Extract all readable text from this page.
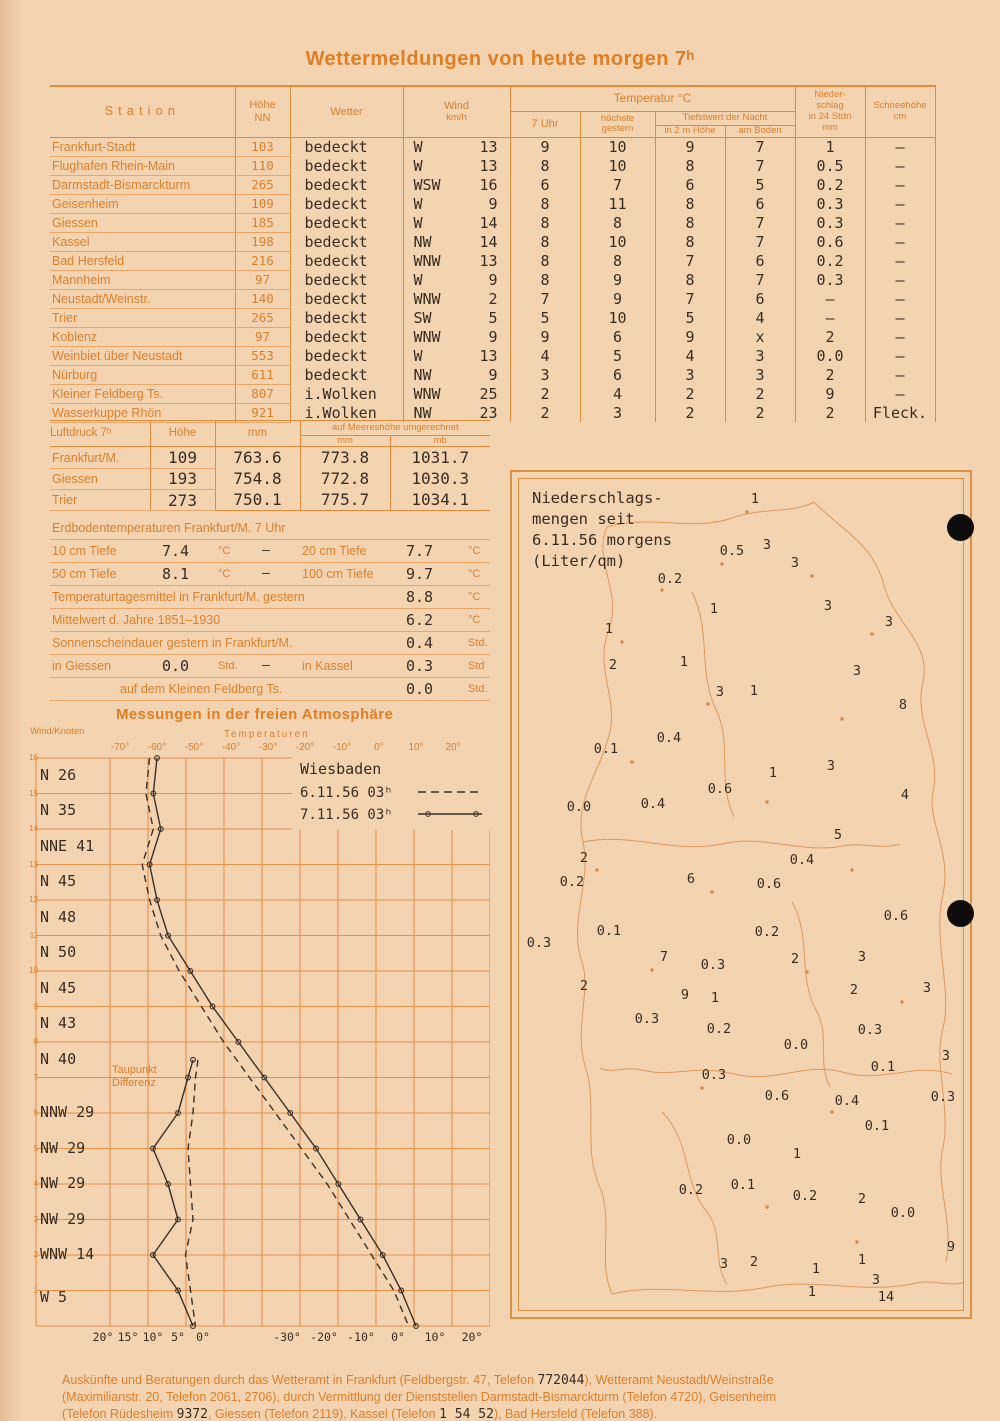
Wettermeldungen von heute morgen 7ʰ
Station	Höhe
NN
	Wetter	Wind
km/h
	Temperatur °C	Nieder-
schlag
in 24 Stdn
mm

Schneehöhe
cm

				7 Uhr	höchste
gestern	Tiefstwert der Nacht			
						in 2 m Höhe	am Boden		
Frankfurt-Stadt	103	bedeckt	W 13	9	10	9	7	1	–
Flughafen Rhein-Main	110	bedeckt	W 13	8	10	8	7	0.5	–
Darmstadt-Bismarckturm	265	bedeckt	WSW 16	6	7	6	5	0.2	–
Geisenheim	109	bedeckt	W 9	8	11	8	6	0.3	–
Giessen	185	bedeckt	W 14	8	8	8	7	0.3	–
Kassel	198	bedeckt	NW 14	8	10	8	7	0.6	–
Bad Hersfeld	216	bedeckt	WNW 13	8	8	7	6	0.2	–
Mannheim	97	bedeckt	W 9	8	9	8	7	0.3	–
Neustadt/Weinstr.	140	bedeckt	WNW 2	7	9	7	6	–	–
Trier	265	bedeckt	SW 5	5	10	5	4	–	–
Koblenz	97	bedeckt	WNW 9	9	6	9	x	2	–
Weinbiet über Neustadt	553	bedeckt	W 13	4	5	4	3	0.0	–
Nürburg	611	bedeckt	NW 9	3	6	3	3	2	–
Kleiner Feldberg Ts.	807	i.Wolken	WNW 25	2	4	2	2	9	–
Wasserkuppe Rhön	921	i.Wolken	NW 23	2	3	2	2	2	Fleck.
Luftdruck 7ʰ	Höhe	mm	auf Meereshöhe umgerechnet	
			mm	mb
Frankfurt/M.	109	763.6	773.8	1031.7
Giessen	193	754.8	772.8	1030.3
Trier	273	750.1	775.7	1034.1
Erdbodentemperaturen Frankfurt/M. 7 Uhr
10 cm Tiefe	7.4	°C –	20 cm Tiefe	7.7	°C
50 cm Tiefe	8.1	°C –	100 cm Tiefe 9.7	°C
Temperaturtagesmittel in Frankfurt/M. gestern	8.8	°C
Mittelwert d. Jahre 1851–1930	6.2	°C
Sonnenscheindauer gestern in Frankfurt/M.	0.4	Std.
in Giessen	0.0	Std. –	in Kassel	0.3	Std
auf dem Kleinen Feldberg Ts.	0.0	Std.
Messungen in der freien Atmosphäre
Wind/Knoten	Temperaturen
-70° -60° -50° -40° -30° -20° -10° 0° 10° 20°
20° 15° 10° 5° 0°	-30° -20° -10° 0° 10° 20°
16
15
14
13
12
11
10
9
8
7
6
5
4
3
2
1
N 26
N 35
NNE 41
N 45
N 48
N 50
N 45
N 43
N 40
NNW 29
NW 29
NW 29
NW 29
WNW 14
W 5
Wiesbaden
6.11.56 03ʰ
7.11.56 03ʰ
Taupunkt
Differenz
Niederschlags-
mengen seit
6.11.56 morgens
(Liter/qm)
1
0.5 3
0.2
3
1	3
1	3
2	1
3
3 1
8
0.4
0.1
1	3
0.6	4
0.0	0.4
5
2	0.4
0.2	6	0.6
0.6
0.3
0.1	0.2
7 0.3	2	3
2
9 1	2	3
0.3
0.2	0.3
0.0
3
0.3	0.1
0.6	0.4	0.3
0.1
0.0
1
0.2 0.1
0.2	2
0.0
9
3 2	1
1
3
1	14
Auskünfte und Beratungen durch das Wetteramt in Frankfurt (Feldbergstr. 47, Telefon 772044), Wetteramt Neustadt/Weinstraße
(Maximilianstr. 20, Telefon 2061, 2706), durch Vermittlung der Dienststellen Darmstadt-Bismarckturm (Telefon 4720), Geisenheim
(Telefon Rüdesheim 9372, Giessen (Telefon 2119), Kassel (Telefon 1 54 52), Bad Hersfeld (Telefon 388).
